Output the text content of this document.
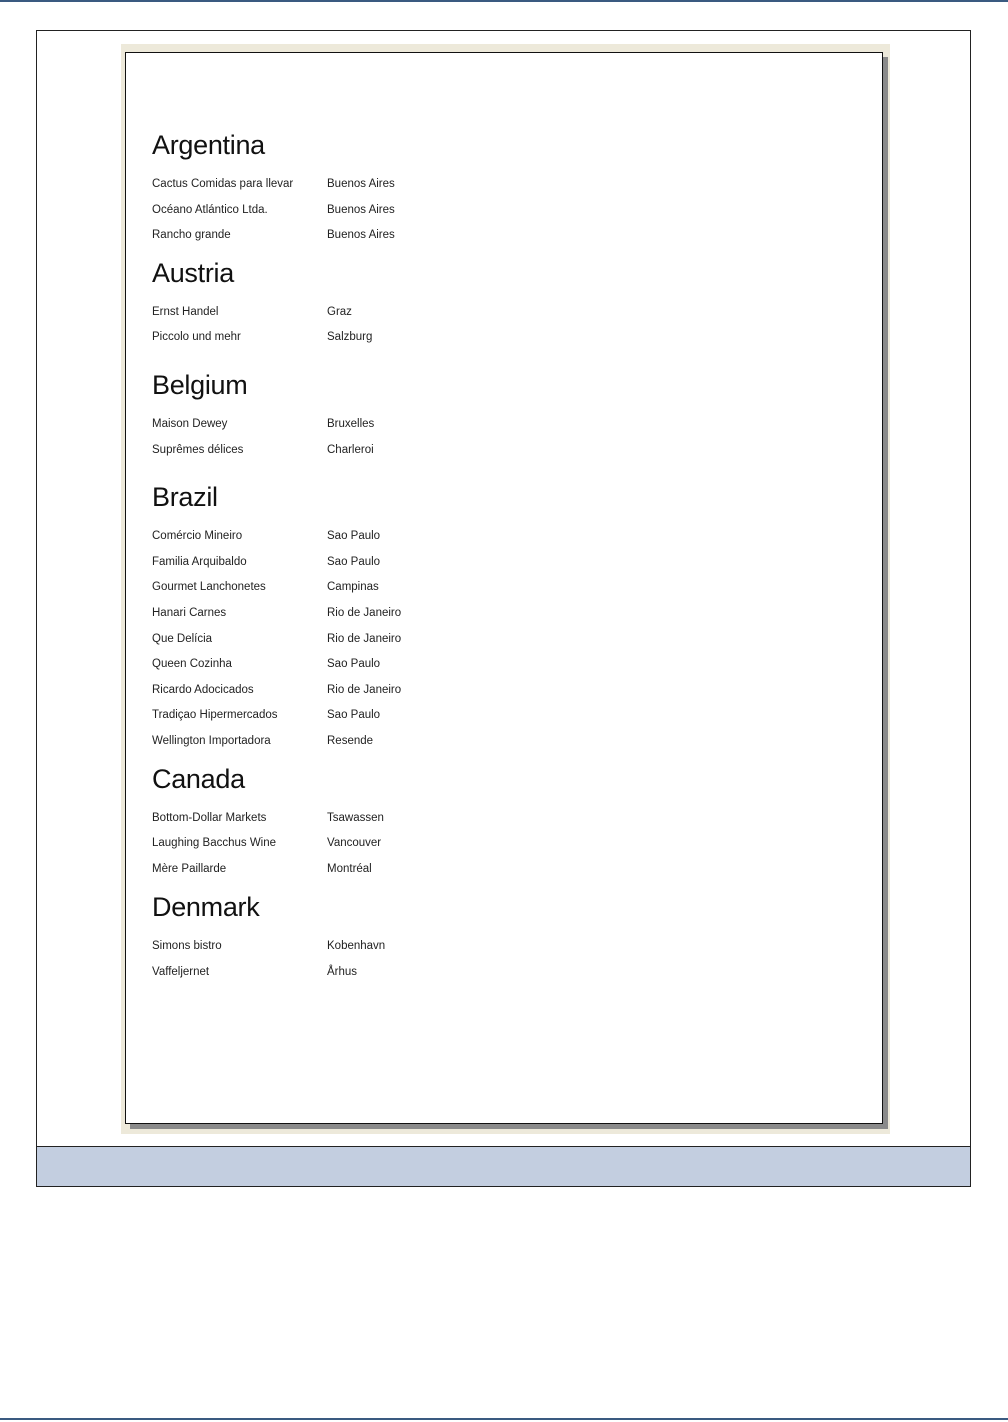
Argentina
Cactus Comidas para llevar	Buenos Aires
Océano Atlántico Ltda.	Buenos Aires
Rancho grande	Buenos Aires
Austria
Ernst Handel	Graz
Piccolo und mehr	Salzburg
Belgium
Maison Dewey	Bruxelles
Suprêmes délices	Charleroi
Brazil
Comércio Mineiro	Sao Paulo
Familia Arquibaldo	Sao Paulo
Gourmet Lanchonetes	Campinas
Hanari Carnes	Rio de Janeiro
Que Delícia	Rio de Janeiro
Queen Cozinha	Sao Paulo
Ricardo Adocicados	Rio de Janeiro
Tradiçao Hipermercados	Sao Paulo
Wellington Importadora	Resende
Canada
Bottom-Dollar Markets	Tsawassen
Laughing Bacchus Wine	Vancouver
Mère Paillarde	Montréal
Denmark
Simons bistro	Kobenhavn
Vaffeljernet	Århus
